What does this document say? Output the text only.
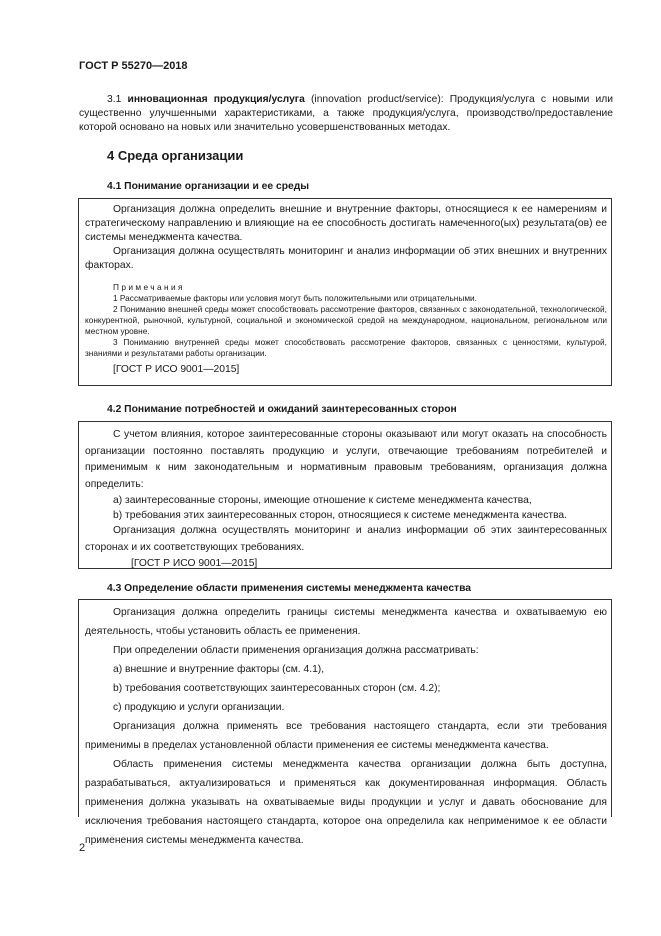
ГОСТ Р 55270—2018
3.1 инновационная продукция/услуга (innovation product/service): Продукция/услуга с новыми или существенно улучшенными характеристиками, а также продукция/услуга, производство/предоставление которой основано на новых или значительно усовершенствованных методах.
4 Среда организации
4.1 Понимание организации и ее среды

Организация должна определить внешние и внутренние факторы, относящиеся к ее намерениям и стратегическому направлению и влияющие на ее способность достигать намеченного(ых) результата(ов) ее системы менеджмента качества.

Организация должна осуществлять мониторинг и анализ информации об этих внешних и внутренних факторах.

Примечания

1 Рассматриваемые факторы или условия могут быть положительными или отрицательными.

2 Пониманию внешней среды может способствовать рассмотрение факторов, связанных с законодательной, технологической, конкурентной, рыночной, культурной, социальной и экономической средой на международном, национальном, региональном или местном уровне.

3 Пониманию внутренней среды может способствовать рассмотрение факторов, связанных с ценностями, культурой, знаниями и результатами работы организации.

[ГОСТ Р ИСО 9001—2015]
4.2 Понимание потребностей и ожиданий заинтересованных сторон

С учетом влияния, которое заинтересованные стороны оказывают или могут оказать на способность организации постоянно поставлять продукцию и услуги, отвечающие требованиям потребителей и применимым к ним законодательным и нормативным правовым требованиям, организация должна определить:

a) заинтересованные стороны, имеющие отношение к системе менеджмента качества,

b) требования этих заинтересованных сторон, относящиеся к системе менеджмента качества.

Организация должна осуществлять мониторинг и анализ информации об этих заинтересованных сторонах и их соответствующих требованиях.

[ГОСТ Р ИСО 9001—2015]
4.3 Определение области применения системы менеджмента качества

Организация должна определить границы системы менеджмента качества и охватываемую ею деятельность, чтобы установить область ее применения.

При определении области применения организация должна рассматривать:

a) внешние и внутренние факторы (см. 4.1),

b) требования соответствующих заинтересованных сторон (см. 4.2);

c) продукцию и услуги организации.

Организация должна применять все требования настоящего стандарта, если эти требования применимы в пределах установленной области применения ее системы менеджмента качества.

Область применения системы менеджмента качества организации должна быть доступна, разрабатываться, актуализироваться и применяться как документированная информация. Область применения должна указывать на охватываемые виды продукции и услуг и давать обоснование для исключения требования настоящего стандарта, которое она определила как неприменимое к ее области применения системы менеджмента качества.

2
